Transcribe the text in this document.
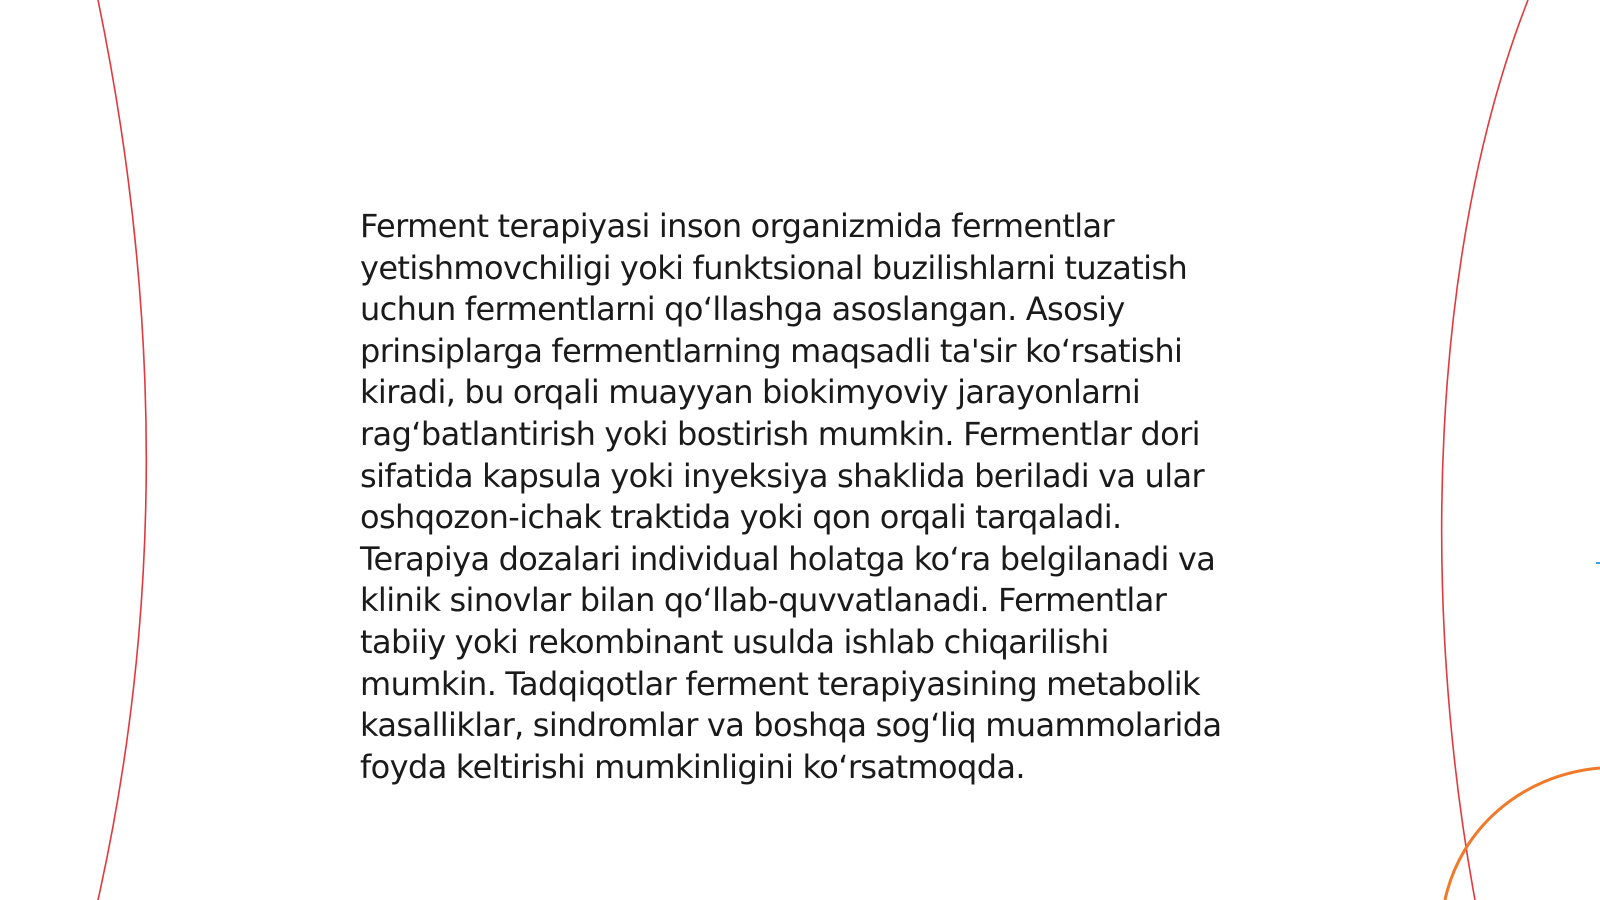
Ferment terapiyasi inson organizmida fermentlar yetishmovchiligi yoki funktsional buzilishlarni tuzatish uchun fermentlarni qo‘llashga asoslangan. Asosiy prinsiplarga fermentlarning maqsadli ta'sir ko‘rsatishi kiradi, bu orqali muayyan biokimyoviy jarayonlarni rag‘batlantirish yoki bostirish mumkin. Fermentlar dori sifatida kapsula yoki inyeksiya shaklida beriladi va ular oshqozon-ichak traktida yoki qon orqali tarqaladi. Terapiya dozalari individual holatga ko‘ra belgilanadi va klinik sinovlar bilan qo‘llab-quvvatlanadi. Fermentlar tabiiy yoki rekombinant usulda ishlab chiqarilishi mumkin. Tadqiqotlar ferment terapiyasining metabolik kasalliklar, sindromlar va boshqa sog‘liq muammolarida foyda keltirishi mumkinligini ko‘rsatmoqda.
